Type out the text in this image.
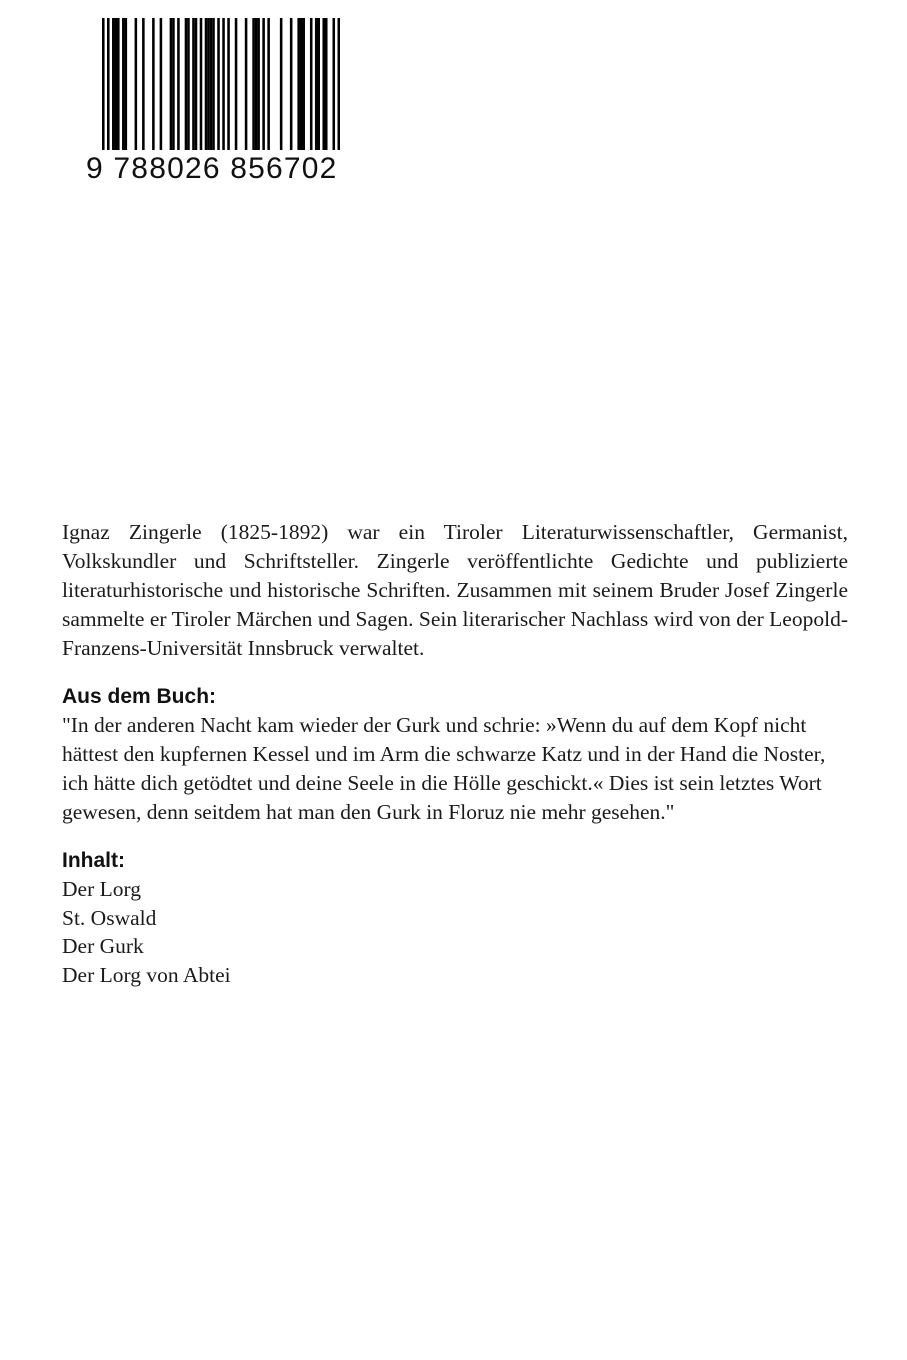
9 788026 856702

Ignaz Zingerle (1825-1892) war ein Tiroler Literaturwissenschaftler, Germanist, Volkskundler und Schriftsteller. Zingerle veröffentlichte Gedichte und publizierte literaturhistorische und historische Schriften. Zusammen mit seinem Bruder Josef Zingerle sammelte er Tiroler Märchen und Sagen. Sein literarischer Nachlass wird von der Leopold-Franzens-Universität Innsbruck verwaltet.

Aus dem Buch:

"In der anderen Nacht kam wieder der Gurk und schrie: »Wenn du auf dem Kopf nicht hättest den kupfernen Kessel und im Arm die schwarze Katz und in der Hand die Noster, ich hätte dich getödtet und deine Seele in die Hölle geschickt.« Dies ist sein letztes Wort gewesen, denn seitdem hat man den Gurk in Floruz nie mehr gesehen."

Inhalt:
Der Lorg
St. Oswald
Der Gurk
Der Lorg von Abtei
